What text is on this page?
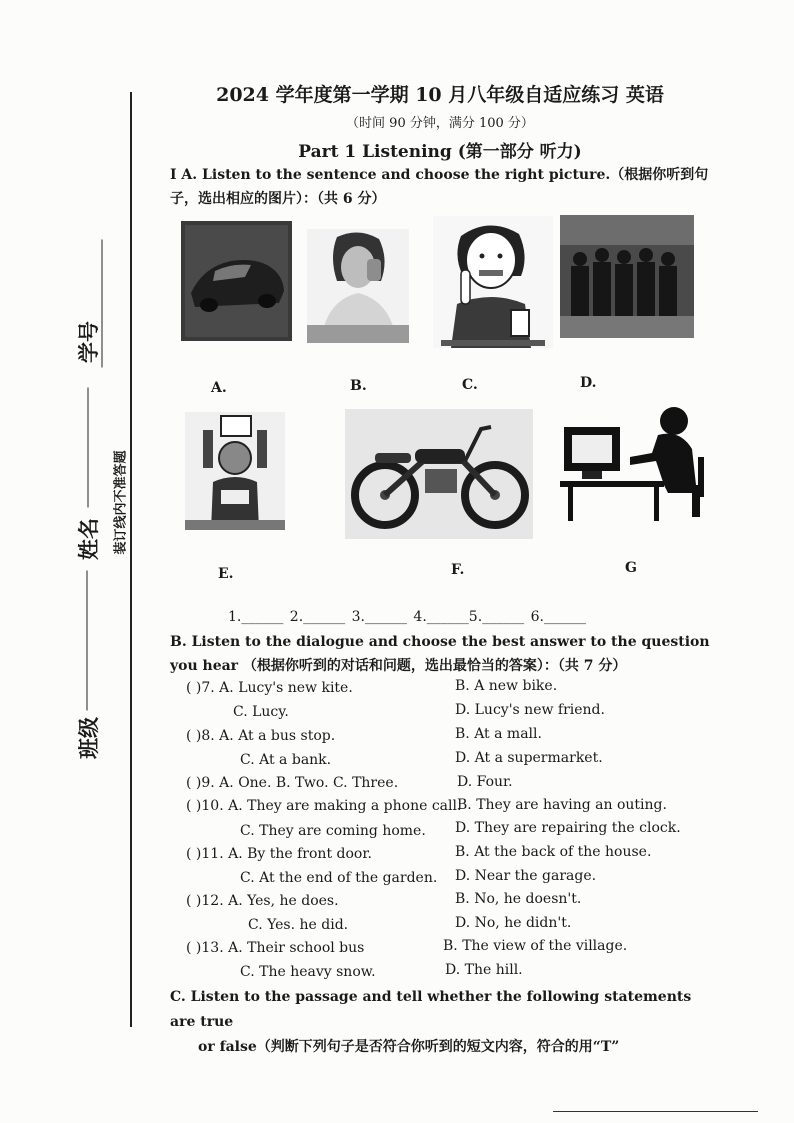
学号
姓名
班级
装订线内不准答题
2024 学年度第一学期 10 月八年级自适应练习 英语
（时间 90 分钟，满分 100 分）
Part 1 Listening (第一部分 听力)
Ⅰ A. Listen to the sentence and choose the right picture.（根据你听到句子，选出相应的图片）：（共 6 分）
A.	B.	C.	D.
E.	F.	G
1.______ 2.______ 3.______ 4.______5.______ 6.______
B. Listen to the dialogue and choose the best answer to the question you hear （根据你听到的对话和问题，选出最恰当的答案）：（共 7 分）
( )7. A. Lucy's new kite.	B. A new bike.
C. Lucy.	D. Lucy's new friend.
( )8. A. At a bus stop.	B. At a mall.
C. At a bank.	D. At a supermarket.
( )9. A. One. B. Two. C. Three.	D. Four.
( )10. A. They are making a phone call.
B. They are having an outing.
C. They are coming home. D. They are repairing the clock.
( )11. A. By the front door.	B. At the back of the house.
C. At the end of the garden. D. Near the garage.
( )12. A. Yes, he does.	B. No, he doesn't.
C. Yes. he did.	D. No, he didn't.
( )13. A. Their school bus	B. The view of the village.
C. The heavy snow.	D. The hill.
C. Listen to the passage and tell whether the following statements are true
or false（判断下列句子是否符合你听到的短文内容，符合的用“T”
